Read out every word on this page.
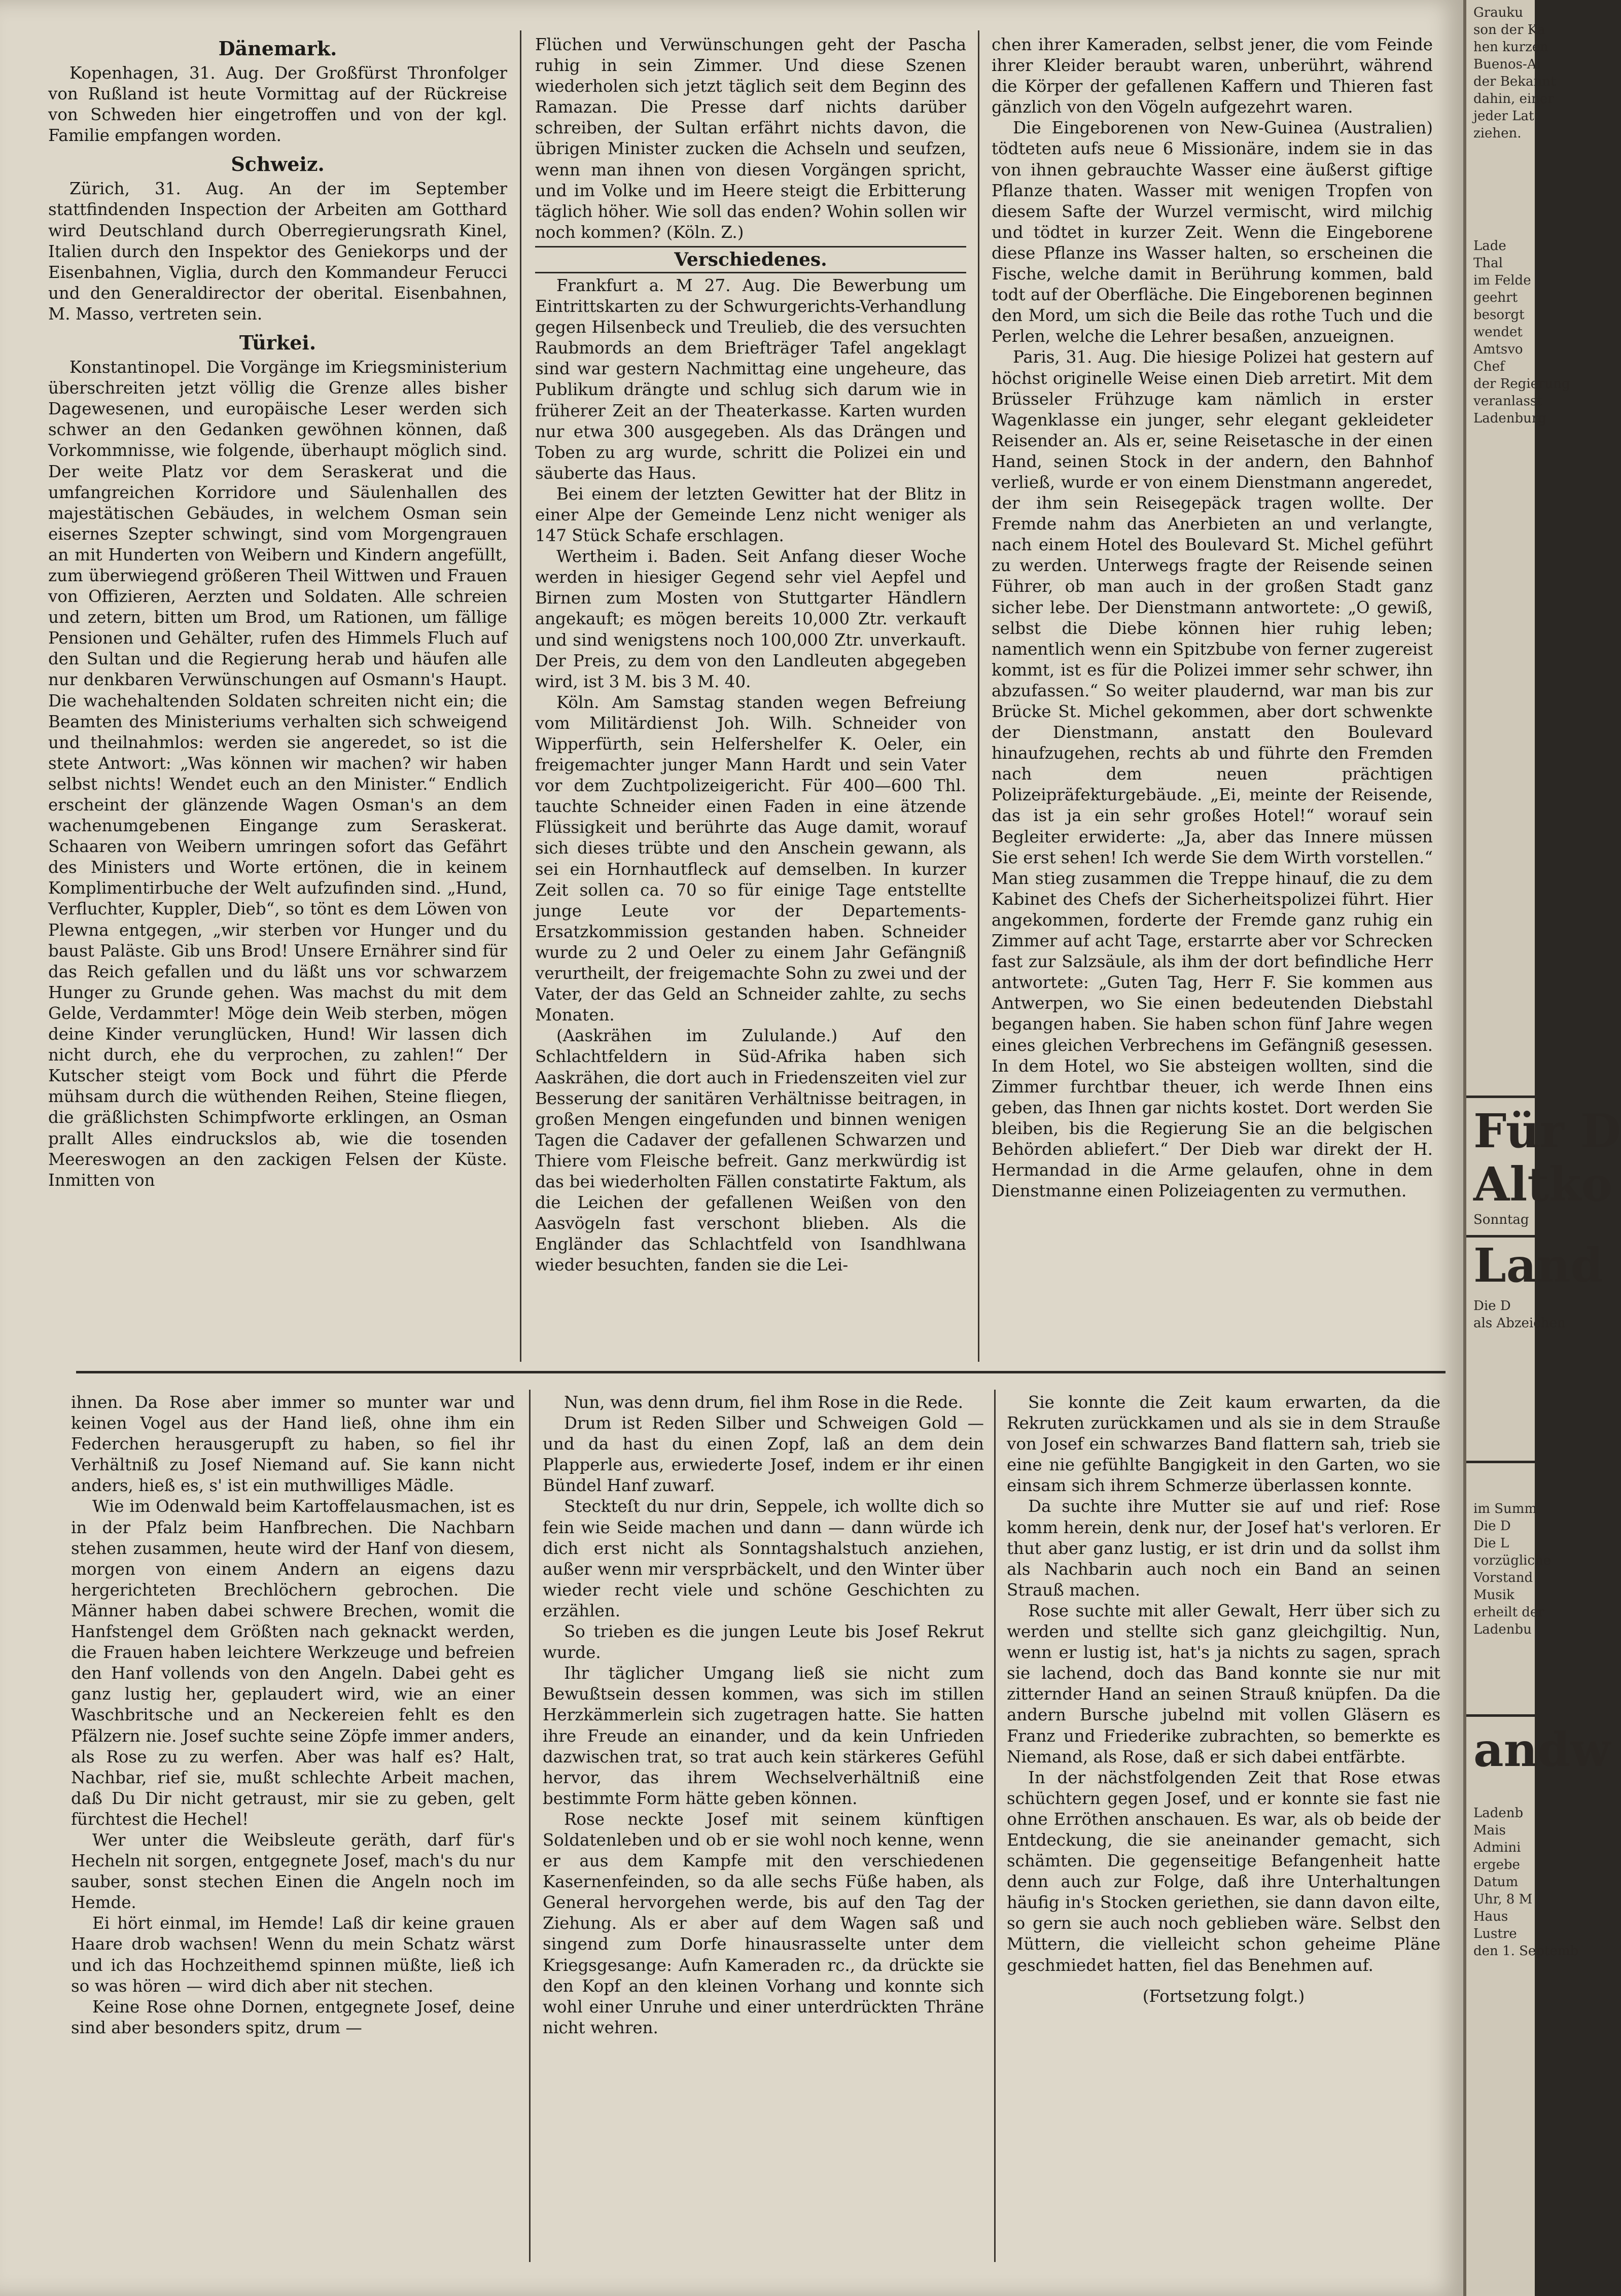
Dänemark.

Kopenhagen, 31. Aug. Der Großfürst Thronfolger von Rußland ist heute Vormittag auf der Rückreise von Schweden hier eingetroffen und von der kgl. Familie empfangen worden.

Schweiz.

Zürich, 31. Aug. An der im September stattfindenden Inspection der Arbeiten am Gotthard wird Deutschland durch Oberregierungsrath Kinel, Italien durch den Inspektor des Geniekorps und der Eisenbahnen, Viglia, durch den Kommandeur Ferucci und den Generaldirector der oberital. Eisenbahnen, M. Masso, vertreten sein.

Türkei.

Konstantinopel. Die Vorgänge im Kriegsministerium überschreiten jetzt völlig die Grenze alles bisher Dagewesenen, und europäische Leser werden sich schwer an den Gedanken gewöhnen können, daß Vorkommnisse, wie folgende, überhaupt möglich sind. Der weite Platz vor dem Seraskerat und die umfangreichen Korridore und Säulenhallen des majestätischen Gebäudes, in welchem Osman sein eisernes Szepter schwingt, sind vom Morgengrauen an mit Hunderten von Weibern und Kindern angefüllt, zum überwiegend größeren Theil Wittwen und Frauen von Offizieren, Aerzten und Soldaten. Alle schreien und zetern, bitten um Brod, um Rationen, um fällige Pensionen und Gehälter, rufen des Himmels Fluch auf den Sultan und die Regierung herab und häufen alle nur denkbaren Verwünschungen auf Osmann's Haupt. Die wachehaltenden Soldaten schreiten nicht ein; die Beamten des Ministeriums verhalten sich schweigend und theilnahmlos: werden sie angeredet, so ist die stete Antwort: „Was können wir machen? wir haben selbst nichts! Wendet euch an den Minister.“ Endlich erscheint der glänzende Wagen Osman's an dem wachenumgebenen Eingange zum Seraskerat. Schaaren von Weibern umringen sofort das Gefährt des Ministers und Worte ertönen, die in keinem Komplimentirbuche der Welt aufzufinden sind. „Hund, Verfluchter, Kuppler, Dieb“, so tönt es dem Löwen von Plewna entgegen, „wir sterben vor Hunger und du baust Paläste. Gib uns Brod! Unsere Ernährer sind für das Reich gefallen und du läßt uns vor schwarzem Hunger zu Grunde gehen. Was machst du mit dem Gelde, Verdammter! Möge dein Weib sterben, mögen deine Kinder verunglücken, Hund! Wir lassen dich nicht durch, ehe du verprochen, zu zahlen!“ Der Kutscher steigt vom Bock und führt die Pferde mühsam durch die wüthenden Reihen, Steine fliegen, die gräßlichsten Schimpfworte erklingen, an Osman prallt Alles eindruckslos ab, wie die tosenden Meereswogen an den zackigen Felsen der Küste. Inmitten von

Flüchen und Verwünschungen geht der Pascha ruhig in sein Zimmer. Und diese Szenen wiederholen sich jetzt täglich seit dem Beginn des Ramazan. Die Presse darf nichts darüber schreiben, der Sultan erfährt nichts davon, die übrigen Minister zucken die Achseln und seufzen, wenn man ihnen von diesen Vorgängen spricht, und im Volke und im Heere steigt die Erbitterung täglich höher. Wie soll das enden? Wohin sollen wir noch kommen? (Köln. Z.)

Verschiedenes.

Frankfurt a. M 27. Aug. Die Bewerbung um Eintrittskarten zu der Schwurgerichts-Verhandlung gegen Hilsenbeck und Treulieb, die des versuchten Raubmords an dem Briefträger Tafel angeklagt sind war gestern Nachmittag eine ungeheure, das Publikum drängte und schlug sich darum wie in früherer Zeit an der Theaterkasse. Karten wurden nur etwa 300 ausgegeben. Als das Drängen und Toben zu arg wurde, schritt die Polizei ein und säuberte das Haus.

Bei einem der letzten Gewitter hat der Blitz in einer Alpe der Gemeinde Lenz nicht weniger als 147 Stück Schafe erschlagen.

Wertheim i. Baden. Seit Anfang dieser Woche werden in hiesiger Gegend sehr viel Aepfel und Birnen zum Mosten von Stuttgarter Händlern angekauft; es mögen bereits 10,000 Ztr. verkauft und sind wenigstens noch 100,000 Ztr. unverkauft. Der Preis, zu dem von den Landleuten abgegeben wird, ist 3 M. bis 3 M. 40.

Köln. Am Samstag standen wegen Befreiung vom Militärdienst Joh. Wilh. Schneider von Wipperfürth, sein Helfershelfer K. Oeler, ein freigemachter junger Mann Hardt und sein Vater vor dem Zuchtpolizeigericht. Für 400—600 Thl. tauchte Schneider einen Faden in eine ätzende Flüssigkeit und berührte das Auge damit, worauf sich dieses trübte und den Anschein gewann, als sei ein Hornhautfleck auf demselben. In kurzer Zeit sollen ca. 70 so für einige Tage entstellte junge Leute vor der Departements-Ersatzkommission gestanden haben. Schneider wurde zu 2 und Oeler zu einem Jahr Gefängniß verurtheilt, der freigemachte Sohn zu zwei und der Vater, der das Geld an Schneider zahlte, zu sechs Monaten.

(Aaskrähen im Zululande.) Auf den Schlachtfeldern in Süd-Afrika haben sich Aaskrähen, die dort auch in Friedenszeiten viel zur Besserung der sanitären Verhältnisse beitragen, in großen Mengen eingefunden und binnen wenigen Tagen die Cadaver der gefallenen Schwarzen und Thiere vom Fleische befreit. Ganz merkwürdig ist das bei wiederholten Fällen constatirte Faktum, als die Leichen der gefallenen Weißen von den Aasvögeln fast verschont blieben. Als die Engländer das Schlachtfeld von Isandhlwana wieder besuchten, fanden sie die Lei-

chen ihrer Kameraden, selbst jener, die vom Feinde ihrer Kleider beraubt waren, unberührt, während die Körper der gefallenen Kaffern und Thieren fast gänzlich von den Vögeln aufgezehrt waren.

Die Eingeborenen von New-Guinea (Australien) tödteten aufs neue 6 Missionäre, indem sie in das von ihnen gebrauchte Wasser eine äußerst giftige Pflanze thaten. Wasser mit wenigen Tropfen von diesem Safte der Wurzel vermischt, wird milchig und tödtet in kurzer Zeit. Wenn die Eingeborene diese Pflanze ins Wasser halten, so erscheinen die Fische, welche damit in Berührung kommen, bald todt auf der Oberfläche. Die Eingeborenen beginnen den Mord, um sich die Beile das rothe Tuch und die Perlen, welche die Lehrer besaßen, anzueignen.

Paris, 31. Aug. Die hiesige Polizei hat gestern auf höchst originelle Weise einen Dieb arretirt. Mit dem Brüsseler Frühzuge kam nämlich in erster Wagenklasse ein junger, sehr elegant gekleideter Reisender an. Als er, seine Reisetasche in der einen Hand, seinen Stock in der andern, den Bahnhof verließ, wurde er von einem Dienstmann angeredet, der ihm sein Reisegepäck tragen wollte. Der Fremde nahm das Anerbieten an und verlangte, nach einem Hotel des Boulevard St. Michel geführt zu werden. Unterwegs fragte der Reisende seinen Führer, ob man auch in der großen Stadt ganz sicher lebe. Der Dienstmann antwortete: „O gewiß, selbst die Diebe können hier ruhig leben; namentlich wenn ein Spitzbube von ferner zugereist kommt, ist es für die Polizei immer sehr schwer, ihn abzufassen.“ So weiter plaudernd, war man bis zur Brücke St. Michel gekommen, aber dort schwenkte der Dienstmann, anstatt den Boulevard hinaufzugehen, rechts ab und führte den Fremden nach dem neuen prächtigen Polizeipräfekturgebäude. „Ei, meinte der Reisende, das ist ja ein sehr großes Hotel!“ worauf sein Begleiter erwiderte: „Ja, aber das Innere müssen Sie erst sehen! Ich werde Sie dem Wirth vorstellen.“ Man stieg zusammen die Treppe hinauf, die zu dem Kabinet des Chefs der Sicherheitspolizei führt. Hier angekommen, forderte der Fremde ganz ruhig ein Zimmer auf acht Tage, erstarrte aber vor Schrecken fast zur Salzsäule, als ihm der dort befindliche Herr antwortete: „Guten Tag, Herr F. Sie kommen aus Antwerpen, wo Sie einen bedeutenden Diebstahl begangen haben. Sie haben schon fünf Jahre wegen eines gleichen Verbrechens im Gefängniß gesessen. In dem Hotel, wo Sie absteigen wollten, sind die Zimmer furchtbar theuer, ich werde Ihnen eins geben, das Ihnen gar nichts kostet. Dort werden Sie bleiben, bis die Regierung Sie an die belgischen Behörden abliefert.“ Der Dieb war direkt der H. Hermandad in die Arme gelaufen, ohne in dem Dienstmanne einen Polizeiagenten zu vermuthen.

ihnen. Da Rose aber immer so munter war und keinen Vogel aus der Hand ließ, ohne ihm ein Federchen herausgerupft zu haben, so fiel ihr Verhältniß zu Josef Niemand auf. Sie kann nicht anders, hieß es, s' ist ein muthwilliges Mädle.

Wie im Odenwald beim Kartoffelausmachen, ist es in der Pfalz beim Hanfbrechen. Die Nachbarn stehen zusammen, heute wird der Hanf von diesem, morgen von einem Andern an eigens dazu hergerichteten Brechlöchern gebrochen. Die Männer haben dabei schwere Brechen, womit die Hanfstengel dem Größten nach geknackt werden, die Frauen haben leichtere Werkzeuge und befreien den Hanf vollends von den Angeln. Dabei geht es ganz lustig her, geplaudert wird, wie an einer Waschbritsche und an Neckereien fehlt es den Pfälzern nie. Josef suchte seine Zöpfe immer anders, als Rose zu zu werfen. Aber was half es? Halt, Nachbar, rief sie, mußt schlechte Arbeit machen, daß Du Dir nicht getraust, mir sie zu geben, gelt fürchtest die Hechel!

Wer unter die Weibsleute geräth, darf für's Hecheln nit sorgen, entgegnete Josef, mach's du nur sauber, sonst stechen Einen die Angeln noch im Hemde.

Ei hört einmal, im Hemde! Laß dir keine grauen Haare drob wachsen! Wenn du mein Schatz wärst und ich das Hochzeithemd spinnen müßte, ließ ich so was hören — wird dich aber nit stechen.

Keine Rose ohne Dornen, entgegnete Josef, deine sind aber besonders spitz, drum —

Nun, was denn drum, fiel ihm Rose in die Rede.

Drum ist Reden Silber und Schweigen Gold — und da hast du einen Zopf, laß an dem dein Plapperle aus, erwiederte Josef, indem er ihr einen Bündel Hanf zuwarf.

Steckteſt du nur drin, Seppele, ich wollte dich so fein wie Seide machen und dann — dann würde ich dich erst nicht als Sonntagshalstuch anziehen, außer wenn mir versprbäckelt, und den Winter über wieder recht viele und schöne Geschichten zu erzählen.

So trieben es die jungen Leute bis Josef Rekrut wurde.

Ihr täglicher Umgang ließ sie nicht zum Bewußtsein dessen kommen, was sich im stillen Herzkämmerlein sich zugetragen hatte. Sie hatten ihre Freude an einander, und da kein Unfrieden dazwischen trat, so trat auch kein stärkeres Gefühl hervor, das ihrem Wechselverhältniß eine bestimmte Form hätte geben können.

Rose neckte Josef mit seinem künftigen Soldatenleben und ob er sie wohl noch kenne, wenn er aus dem Kampfe mit den verschiedenen Kasernenfeinden, so da alle sechs Füße haben, als General hervorgehen werde, bis auf den Tag der Ziehung. Als er aber auf dem Wagen saß und singend zum Dorfe hinausrasselte unter dem Kriegsgesange: Aufn Kameraden rc., da drückte sie den Kopf an den kleinen Vorhang und konnte sich wohl einer Unruhe und einer unterdrückten Thräne nicht wehren.

Sie konnte die Zeit kaum erwarten, da die Rekruten zurückkamen und als sie in dem Strauße von Josef ein schwarzes Band flattern sah, trieb sie eine nie gefühlte Bangigkeit in den Garten, wo sie einsam sich ihrem Schmerze überlassen konnte.

Da suchte ihre Mutter sie auf und rief: Rose komm herein, denk nur, der Josef hat's verloren. Er thut aber ganz lustig, er ist drin und da sollst ihm als Nachbarin auch noch ein Band an seinen Strauß machen.

Rose suchte mit aller Gewalt, Herr über sich zu werden und stellte sich ganz gleichgiltig. Nun, wenn er lustig ist, hat's ja nichts zu sagen, sprach sie lachend, doch das Band konnte sie nur mit zitternder Hand an seinen Strauß knüpfen. Da die andern Bursche jubelnd mit vollen Gläsern es Franz und Friederike zubrachten, so bemerkte es Niemand, als Rose, daß er sich dabei entfärbte.

In der nächstfolgenden Zeit that Rose etwas schüchtern gegen Josef, und er konnte sie fast nie ohne Erröthen anschauen. Es war, als ob beide der Entdeckung, die sie aneinander gemacht, sich schämten. Die gegenseitige Befangenheit hatte denn auch zur Folge, daß ihre Unterhaltungen häufig in's Stocken geriethen, sie dann davon eilte, so gern sie auch noch geblieben wäre. Selbst den Müttern, die vielleicht schon geheime Pläne geschmiedet hatten, fiel das Benehmen auf.

(Fortsetzung folgt.)

Grauku
son der Ka
hen kurzen
Buenos-Ai
der Bekannt
dahin, einer
jeder Lat
ziehen.
Lade
Thal
im Felde
geehrt
besorgt
wendet
Amtsvo
Chef
der Regierung
veranlasst
Ladenburg
Für D
Altko
Sonntag
Land
Die D
als Abzeichen
im Summ
Die D
Die L
vorzügliche
Vorstand
Musik
erheilt der
Ladenbu
andw
Ladenb
Mais
Admini
ergebe
Datum
Uhr, 8 M
Haus
Lustre
den 1. Septemb
